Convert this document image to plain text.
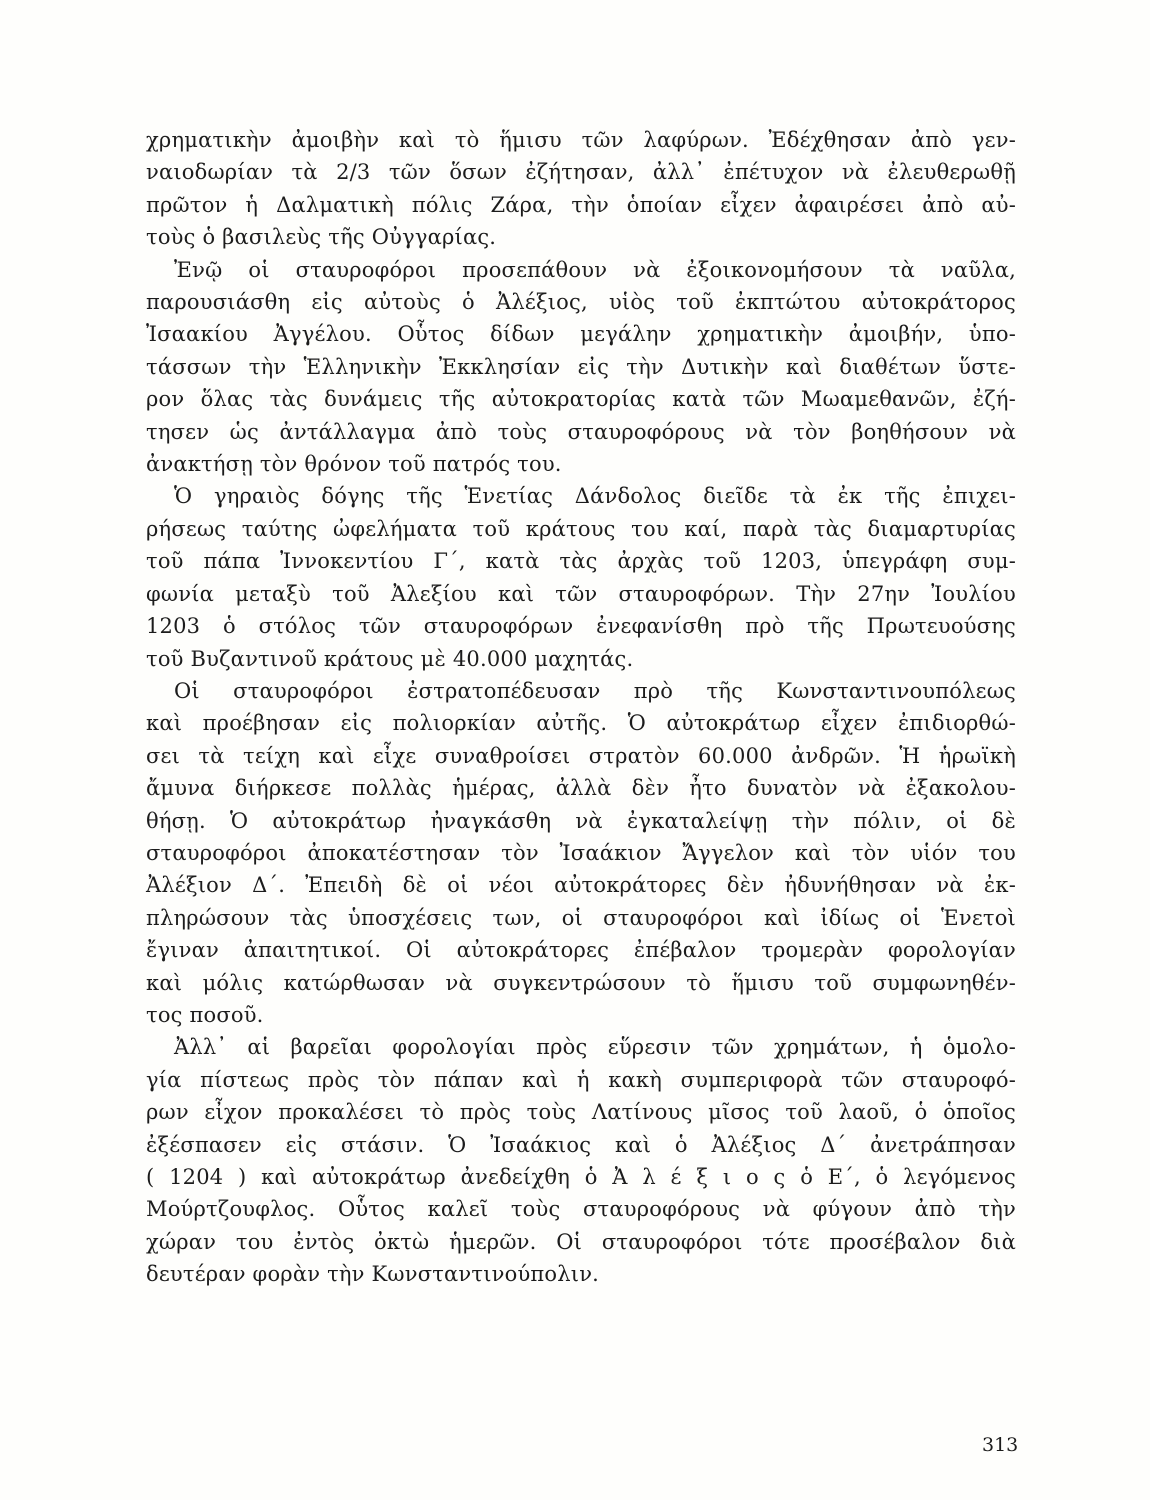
χρηματικὴν ἀμοιβὴν καὶ τὸ ἥμισυ τῶν λαφύρων. Ἐδέχθησαν ἀπὸ γεν-
ναιοδωρίαν τὰ 2/3 τῶν ὅσων ἐζήτησαν, ἀλλ᾽ ἐπέτυχον νὰ ἐλευθερωθῇ
πρῶτον ἡ Δαλματικὴ πόλις Ζάρα, τὴν ὁποίαν εἶχεν ἀφαιρέσει ἀπὸ αὐ-
τοὺς ὁ βασιλεὺς τῆς Οὐγγαρίας.
Ἐνῷ οἱ σταυροφόροι προσεπάθουν νὰ ἐξοικονομήσουν τὰ ναῦλα,
παρουσιάσθη εἰς αὐτοὺς ὁ Ἀλέξιος, υἱὸς τοῦ ἐκπτώτου αὐτοκράτορος
Ἰσαακίου Ἀγγέλου. Οὗτος δίδων μεγάλην χρηματικὴν ἀμοιβήν, ὑπο-
τάσσων τὴν Ἑλληνικὴν Ἐκκλησίαν εἰς τὴν Δυτικὴν καὶ διαθέτων ὕστε-
ρον ὅλας τὰς δυνάμεις τῆς αὐτοκρατορίας κατὰ τῶν Μωαμεθανῶν, ἐζή-
τησεν ὡς ἀντάλλαγμα ἀπὸ τοὺς σταυροφόρους νὰ τὸν βοηθήσουν νὰ
ἀνακτήσῃ τὸν θρόνον τοῦ πατρός του.
Ὁ γηραιὸς δόγης τῆς Ἑνετίας Δάνδολος διεῖδε τὰ ἐκ τῆς ἐπιχει-
ρήσεως ταύτης ὠφελήματα τοῦ κράτους του καί, παρὰ τὰς διαμαρτυρίας
τοῦ πάπα Ἰννοκεντίου Γ΄, κατὰ τὰς ἀρχὰς τοῦ 1203, ὑπεγράφη συμ-
φωνία μεταξὺ τοῦ Ἀλεξίου καὶ τῶν σταυροφόρων. Τὴν 27ην Ἰουλίου
1203 ὁ στόλος τῶν σταυροφόρων ἐνεφανίσθη πρὸ τῆς Πρωτευούσης
τοῦ Βυζαντινοῦ κράτους μὲ 40.000 μαχητάς.
Οἱ σταυροφόροι ἐστρατοπέδευσαν πρὸ τῆς Κωνσταντινουπόλεως
καὶ προέβησαν εἰς πολιορκίαν αὐτῆς. Ὁ αὐτοκράτωρ εἶχεν ἐπιδιορθώ-
σει τὰ τείχη καὶ εἶχε συναθροίσει στρατὸν 60.000 ἀνδρῶν. Ἡ ἡρωϊκὴ
ἄμυνα διήρκεσε πολλὰς ἡμέρας, ἀλλὰ δὲν ἦτο δυνατὸν νὰ ἐξακολου-
θήσῃ. Ὁ αὐτοκράτωρ ἠναγκάσθη νὰ ἐγκαταλείψῃ τὴν πόλιν, οἱ δὲ
σταυροφόροι ἀποκατέστησαν τὸν Ἰσαάκιον Ἄγγελον καὶ τὸν υἱόν του
Ἀλέξιον Δ΄. Ἐπειδὴ δὲ οἱ νέοι αὐτοκράτορες δὲν ἠδυνήθησαν νὰ ἐκ-
πληρώσουν τὰς ὑποσχέσεις των, οἱ σταυροφόροι καὶ ἰδίως οἱ Ἑνετοὶ
ἔγιναν ἀπαιτητικοί. Οἱ αὐτοκράτορες ἐπέβαλον τρομερὰν φορολογίαν
καὶ μόλις κατώρθωσαν νὰ συγκεντρώσουν τὸ ἥμισυ τοῦ συμφωνηθέν-
τος ποσοῦ.
Ἀλλ᾽ αἱ βαρεῖαι φορολογίαι πρὸς εὕρεσιν τῶν χρημάτων, ἡ ὁμολο-
γία πίστεως πρὸς τὸν πάπαν καὶ ἡ κακὴ συμπεριφορὰ τῶν σταυροφό-
ρων εἶχον προκαλέσει τὸ πρὸς τοὺς Λατίνους μῖσος τοῦ λαοῦ, ὁ ὁποῖος
ἐξέσπασεν εἰς στάσιν. Ὁ Ἰσαάκιος καὶ ὁ Ἀλέξιος Δ΄ ἀνετράπησαν
( 1204 ) καὶ αὐτοκράτωρ ἀνεδείχθη ὁ Ἀ λ έ ξ ι ο ς ὁ Ε΄, ὁ λεγόμενος
Μούρτζουφλος. Οὗτος καλεῖ τοὺς σταυροφόρους νὰ φύγουν ἀπὸ τὴν
χώραν του ἐντὸς ὀκτὼ ἡμερῶν. Οἱ σταυροφόροι τότε προσέβαλον διὰ
δευτέραν φορὰν τὴν Κωνσταντινούπολιν.
313
